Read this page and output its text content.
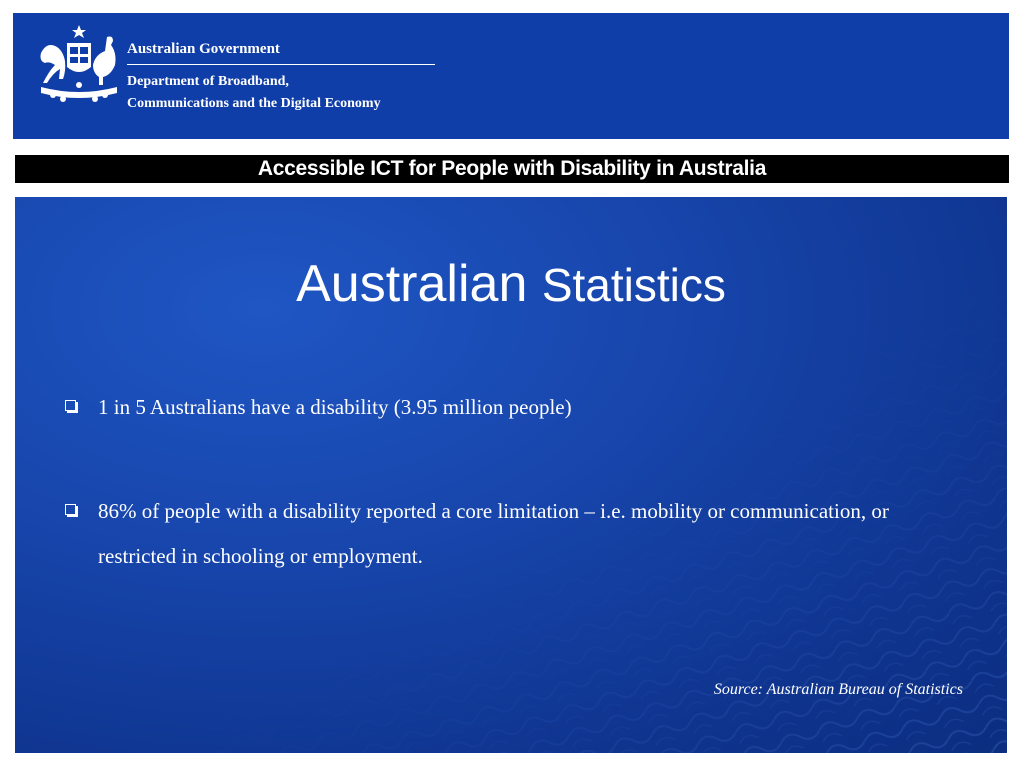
Australian Government
Department of Broadband,
Communications and the Digital Economy
Accessible ICT for People with Disability in Australia
Australian Statistics
1 in 5 Australians have a disability (3.95 million people)
86% of people with a disability reported a core limitation – i.e. mobility or communication, or restricted in schooling or employment.
Source: Australian Bureau of Statistics
